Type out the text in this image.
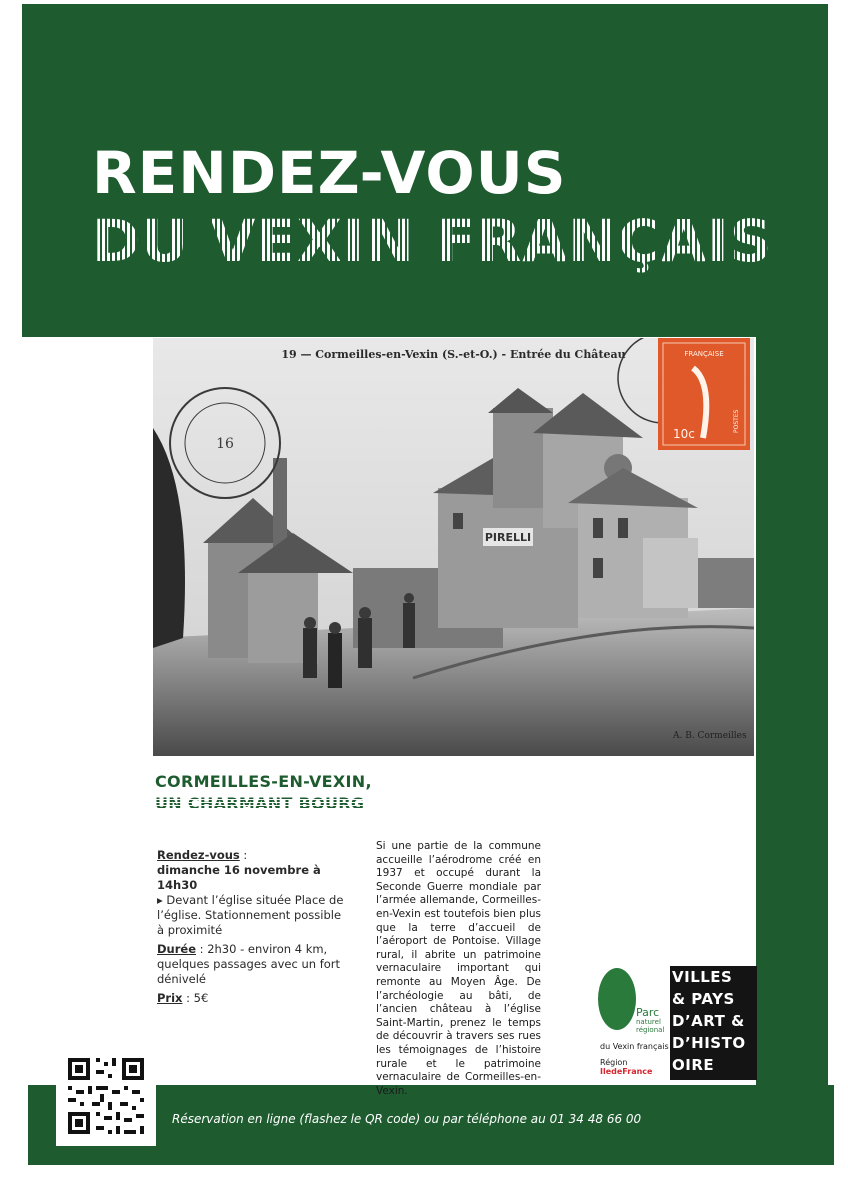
RENDEZ-VOUS
DU VEXIN FRANÇAIS
PIRELLI
16
FRANÇAISE
10c
POSTES
A. B. Cormeilles
19 — Cormeilles-en-Vexin (S.-et-O.) - Entrée du Château
CORMEILLES-EN-VEXIN,
UN CHARMANT BOURG

Rendez-vous :
dimanche 16 novembre à 14h30
▸ Devant l’église située Place de l’église. Stationnement possible à proximité

Durée : 2h30 - environ 4 km, quelques passages avec un fort dénivelé

Prix : 5€

Si une partie de la commune accueille l’aérodrome créé en 1937 et occupé durant la Seconde Guerre mondiale par l’armée allemande, Cormeilles-en-Vexin est toutefois bien plus que la terre d’accueil de l’aéroport de Pontoise. Village rural, il abrite un patrimoine vernaculaire important qui remonte au Moyen Âge. De l’archéologie au bâti, de l’ancien château à l’église Saint-Martin, prenez le temps de découvrir à travers ses rues les témoignages de l’histoire rurale et le patrimoine vernaculaire de Cormeilles-en-Vexin.
Parc
naturel régional
du Vexin français
Région
IledeFrance
VILLES
& PAYS
D’ART &
D’HISTO
OIRE
Réservation en ligne (flashez le QR code) ou par téléphone au 01 34 48 66 00
